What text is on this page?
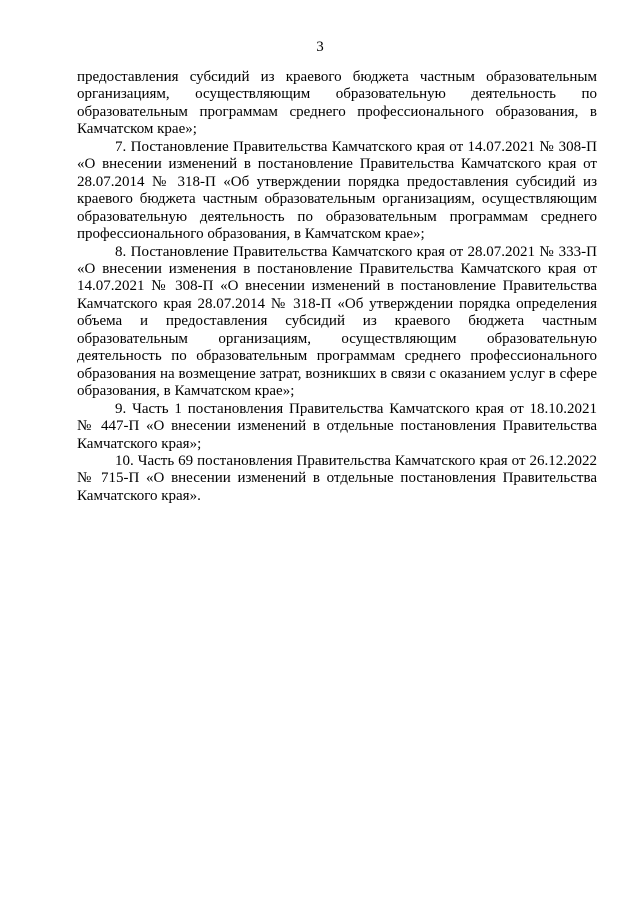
3

предоставления субсидий из краевого бюджета частным образовательным организациям, осуществляющим образовательную деятельность по образовательным программам среднего профессионального образования, в Камчатском крае»;

7. Постановление Правительства Камчатского края от 14.07.2021 № 308-П «О внесении изменений в постановление Правительства Камчатского края от 28.07.2014 № 318-П «Об утверждении порядка предоставления субсидий из краевого бюджета частным образовательным организациям, осуществляющим образовательную деятельность по образовательным программам среднего профессионального образования, в Камчатском крае»;

8. Постановление Правительства Камчатского края от 28.07.2021 № 333-П «О внесении изменения в постановление Правительства Камчатского края от 14.07.2021 № 308-П «О внесении изменений в постановление Правительства Камчатского края 28.07.2014 № 318-П «Об утверждении порядка определения объема и предоставления субсидий из краевого бюджета частным образовательным организациям, осуществляющим образовательную деятельность по образовательным программам среднего профессионального образования на возмещение затрат, возникших в связи с оказанием услуг в сфере образования, в Камчатском крае»;

9. Часть 1 постановления Правительства Камчатского края от 18.10.2021 № 447-П «О внесении изменений в отдельные постановления Правительства Камчатского края»;

10. Часть 69 постановления Правительства Камчатского края от 26.12.2022 № 715-П «О внесении изменений в отдельные постановления Правительства Камчатского края».
